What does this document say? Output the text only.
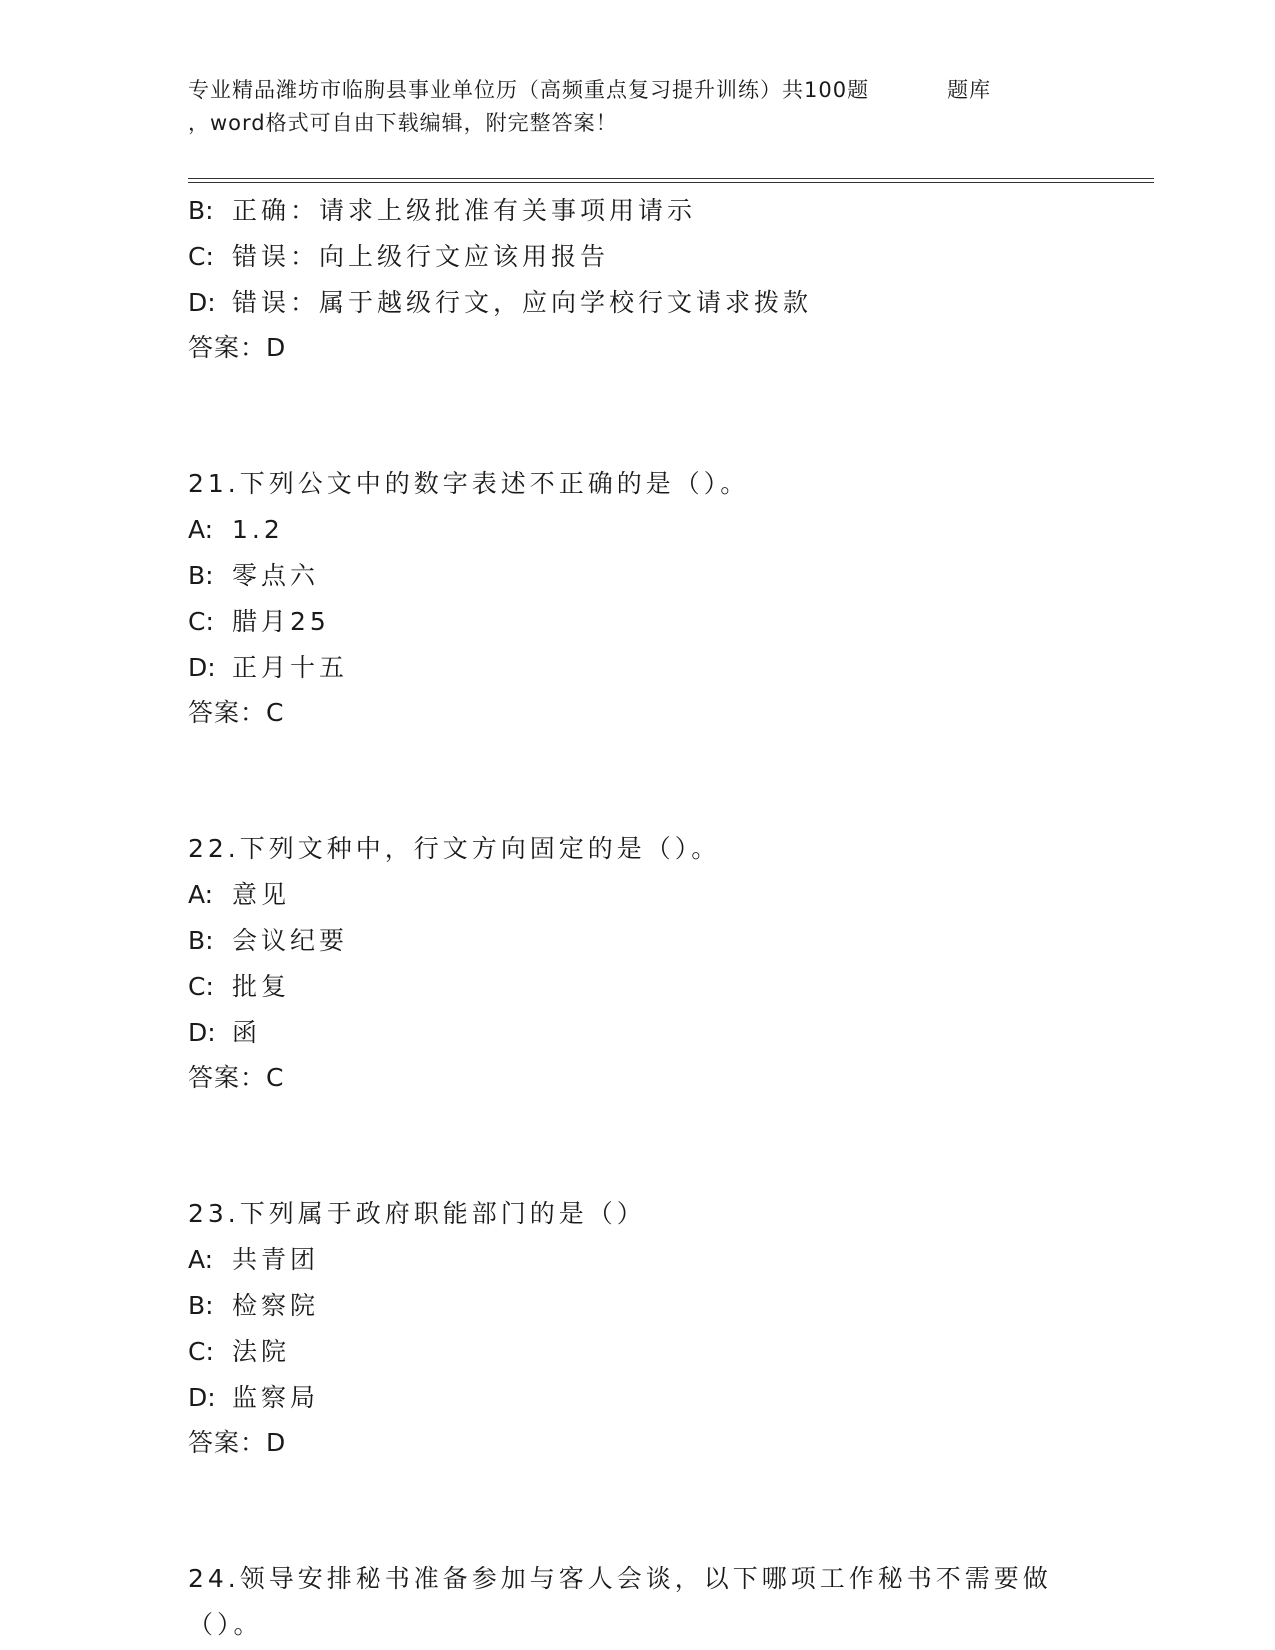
专业精品潍坊市临朐县事业单位历（高频重点复习提升训练）共100题	题库
，word格式可自由下载编辑，附完整答案！
B: 正确：请求上级批准有关事项用请示
C: 错误：向上级行文应该用报告
D: 错误：属于越级行文，应向学校行文请求拨款
答案：D
21.下列公文中的数字表述不正确的是（）。
A: 1.2
B: 零点六
C: 腊月25
D: 正月十五
答案：C
22.下列文种中，行文方向固定的是（）。
A: 意见
B: 会议纪要
C: 批复
D: 函
答案：C
23.下列属于政府职能部门的是（）
A: 共青团
B: 检察院
C: 法院
D: 监察局
答案：D
24.领导安排秘书准备参加与客人会谈，以下哪项工作秘书不需要做（）。
